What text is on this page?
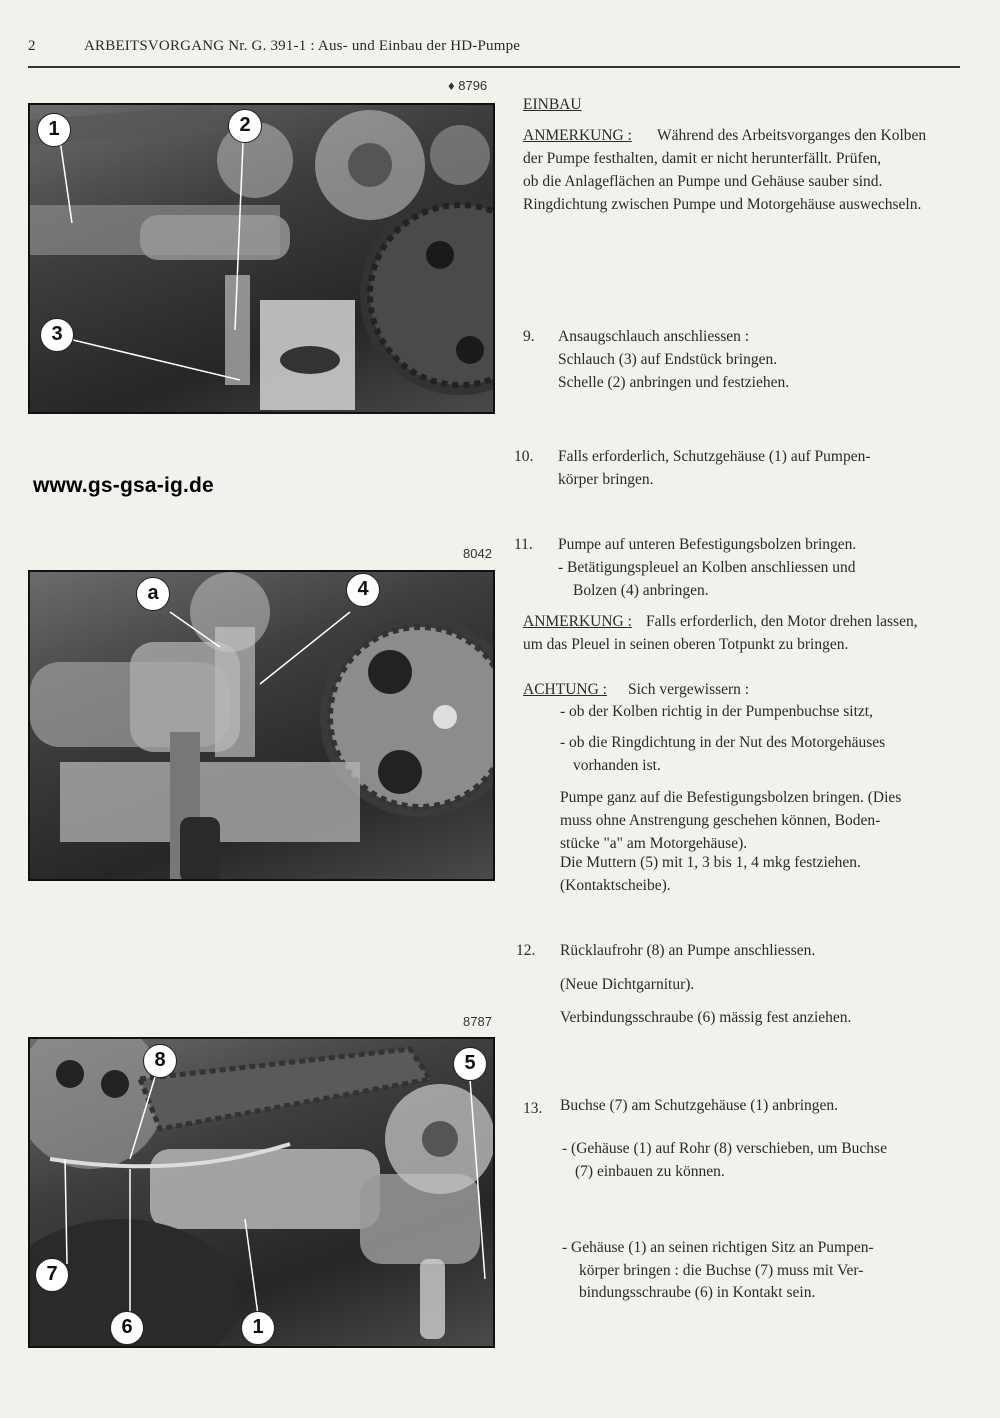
2	ARBEITSVORGANG Nr. G. 391-1 : Aus- und Einbau der HD-Pumpe
♦ 8796
1	2
3
www.gs-gsa-ig.de
8042
a	4
8787
8	5
7
6	1
EINBAU
ANMERKUNG : Während des Arbeitsvorganges den Kolben
der Pumpe festhalten, damit er nicht herunterfällt. Prüfen,
ob die Anlageflächen an Pumpe und Gehäuse sauber sind.
Ringdichtung zwischen Pumpe und Motorgehäuse auswechseln.
9. Ansaugschlauch anschliessen :
Schlauch (3) auf Endstück bringen.
Schelle (2) anbringen und festziehen.
10. Falls erforderlich, Schutzgehäuse (1) auf Pumpen-
körper bringen.
11. Pumpe auf unteren Befestigungsbolzen bringen.
- Betätigungspleuel an Kolben anschliessen und
Bolzen (4) anbringen.
ANMERKUNG : Falls erforderlich, den Motor drehen lassen,
um das Pleuel in seinen oberen Totpunkt zu bringen.
ACHTUNG : Sich vergewissern :
- ob der Kolben richtig in der Pumpenbuchse sitzt,
- ob die Ringdichtung in der Nut des Motorgehäuses
vorhanden ist.
Pumpe ganz auf die Befestigungsbolzen bringen. (Dies
muss ohne Anstrengung geschehen können, Boden-
stücke "a" am Motorgehäuse).
Die Muttern (5) mit 1, 3 bis 1, 4 mkg festziehen.
(Kontaktscheibe).
12. Rücklaufrohr (8) an Pumpe anschliessen.
(Neue Dichtgarnitur).
Verbindungsschraube (6) mässig fest anziehen.
13. Buchse (7) am Schutzgehäuse (1) anbringen.
- (Gehäuse (1) auf Rohr (8) verschieben, um Buchse
(7) einbauen zu können.
- Gehäuse (1) an seinen richtigen Sitz an Pumpen-
körper bringen : die Buchse (7) muss mit Ver-
bindungsschraube (6) in Kontakt sein.
